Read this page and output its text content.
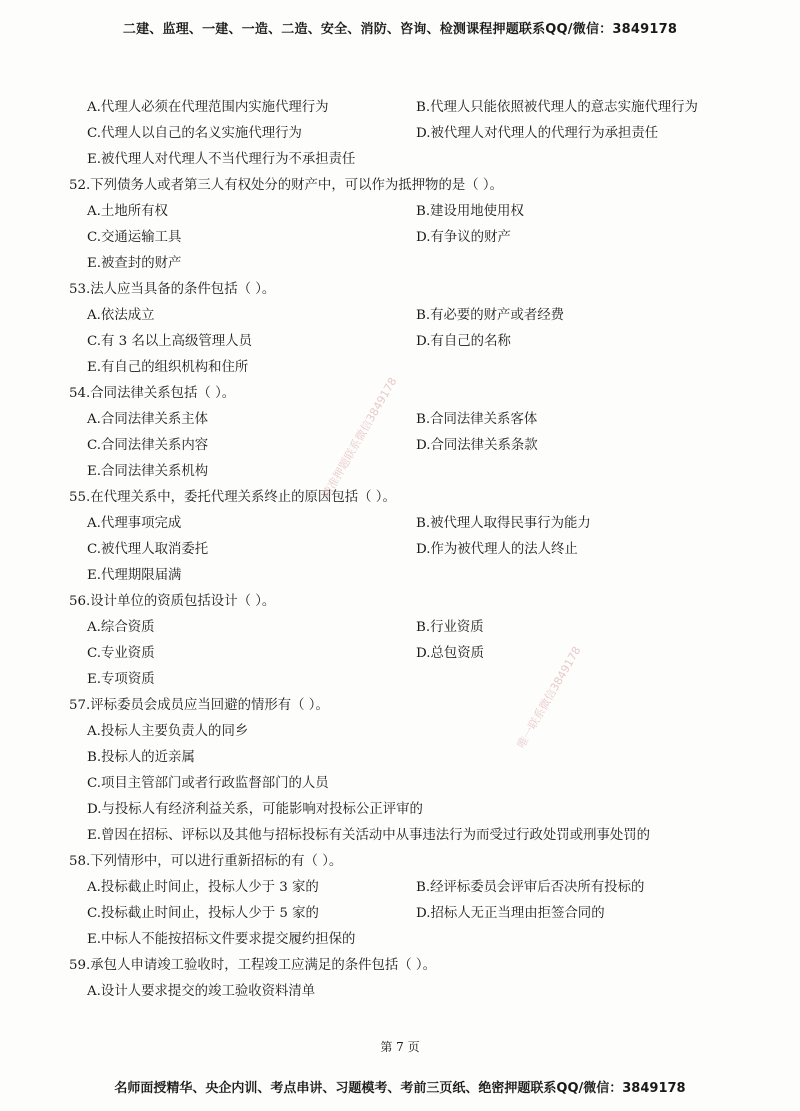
二建、监理、一建、一造、二造、安全、消防、咨询、检测课程押题联系QQ/微信：3849178
A.代理人必须在代理范围内实施代理行为	B.代理人只能依照被代理人的意志实施代理行为
C.代理人以自己的名义实施代理行为	D.被代理人对代理人的代理行为承担责任
E.被代理人对代理人不当代理行为不承担责任
52.下列债务人或者第三人有权处分的财产中，可以作为抵押物的是（ ）。
A.土地所有权	B.建设用地使用权
C.交通运输工具	D.有争议的财产
E.被查封的财产
53.法人应当具备的条件包括（ ）。
A.依法成立	B.有必要的财产或者经费
C.有 3 名以上高级管理人员	D.有自己的名称
E.有自己的组织机构和住所
54.合同法律关系包括（ ）。
A.合同法律关系主体	B.合同法律关系客体
C.合同法律关系内容	D.合同法律关系条款
E.合同法律关系机构
55.在代理关系中，委托代理关系终止的原因包括（ ）。
A.代理事项完成	B.被代理人取得民事行为能力
C.被代理人取消委托	D.作为被代理人的法人终止
E.代理期限届满
56.设计单位的资质包括设计（ ）。
A.综合资质	B.行业资质
C.专业资质	D.总包资质
E.专项资质
57.评标委员会成员应当回避的情形有（ ）。
A.投标人主要负责人的同乡
B.投标人的近亲属
C.项目主管部门或者行政监督部门的人员
D.与投标人有经济利益关系，可能影响对投标公正评审的
E.曾因在招标、评标以及其他与招标投标有关活动中从事违法行为而受过行政处罚或刑事处罚的
58.下列情形中，可以进行重新招标的有（ ）。
A.投标截止时间止，投标人少于 3 家的	B.经评标委员会评审后否决所有投标的
C.投标截止时间止，投标人少于 5 家的	D.招标人无正当理由拒签合同的
E.中标人不能按招标文件要求提交履约担保的
59.承包人申请竣工验收时，工程竣工应满足的条件包括（ ）。
A.设计人要求提交的竣工验收资料清单
精准押题联系微信3849178
唯一联系微信3849178
第 7 页
名师面授精华、央企内训、考点串讲、习题模考、考前三页纸、绝密押题联系QQ/微信：3849178
